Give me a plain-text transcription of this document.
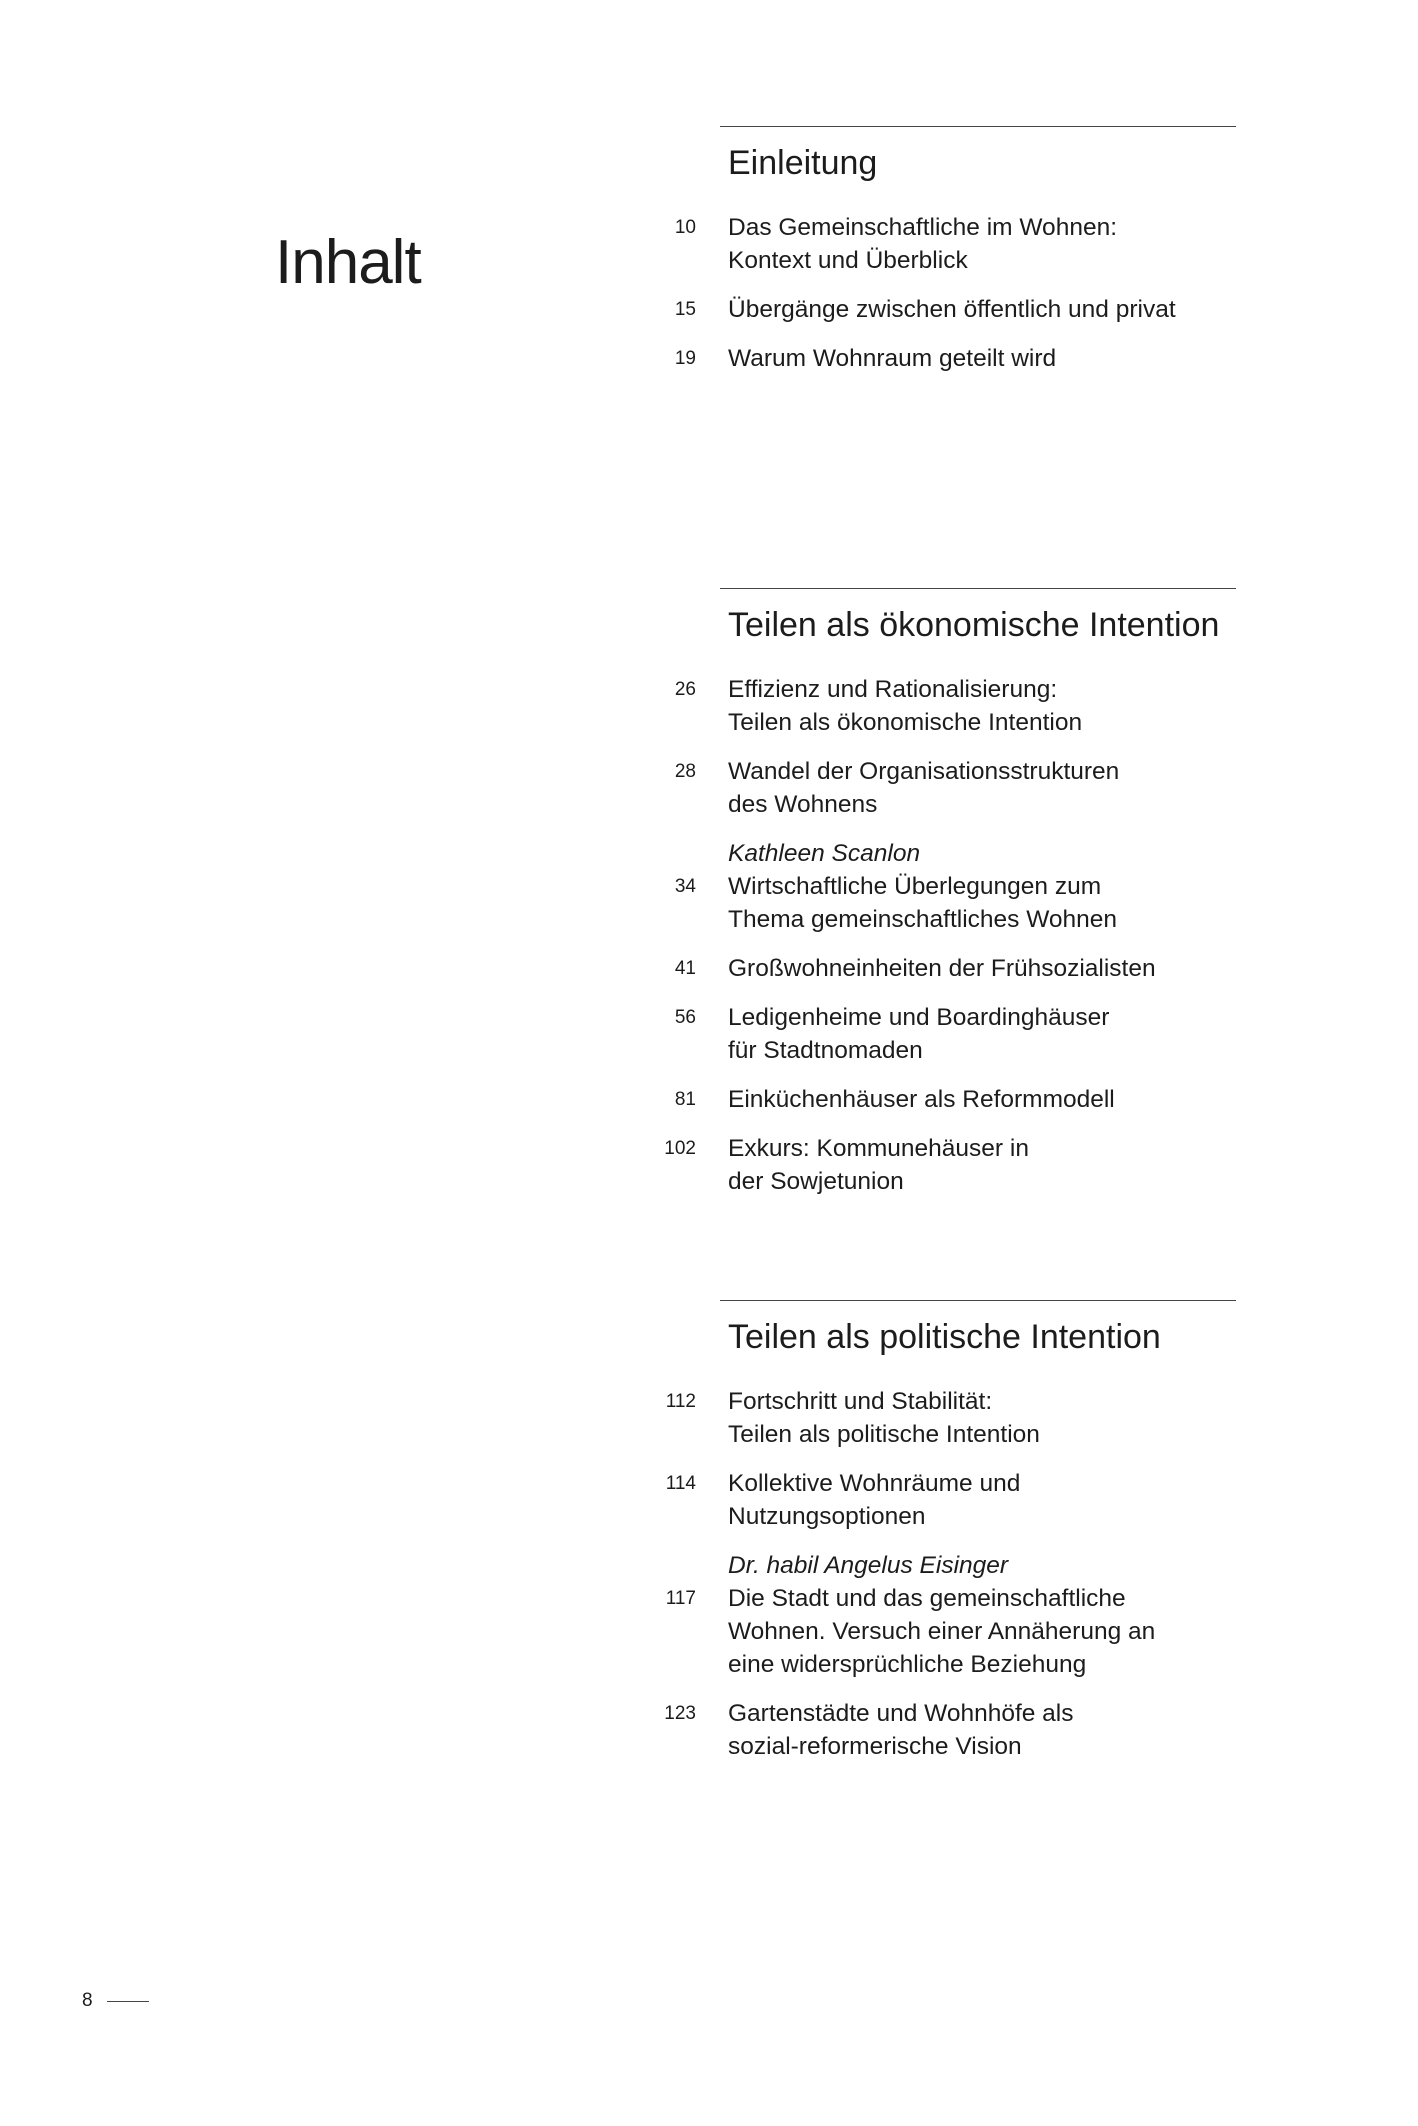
Inhalt
Einleitung
10 Das Gemeinschaftliche im Wohnen:
Kontext und Überblick
15 Übergänge zwischen öffentlich und privat
19 Warum Wohnraum geteilt wird
Teilen als ökonomische Intention
26 Effizienz und Rationalisierung:
Teilen als ökonomische Intention
28 Wandel der Organisationsstrukturen
des Wohnens
34
Kathleen Scanlon
Wirtschaftliche Überlegungen zum
Thema gemeinschaftliches Wohnen
41 Großwohneinheiten der Frühsozialisten
56 Ledigenheime und Boardinghäuser
für Stadtnomaden
81 Einküchenhäuser als Reformmodell
102 Exkurs: Kommunehäuser in
der Sowjetunion
Teilen als politische Intention
112 Fortschritt und Stabilität:
Teilen als politische Intention
114 Kollektive Wohnräume und
Nutzungsoptionen
117
Dr. habil Angelus Eisinger
Die Stadt und das gemeinschaftliche
Wohnen. Versuch einer Annäherung an
eine widersprüchliche Beziehung
123 Gartenstädte und Wohnhöfe als
sozial-reformerische Vision
8
